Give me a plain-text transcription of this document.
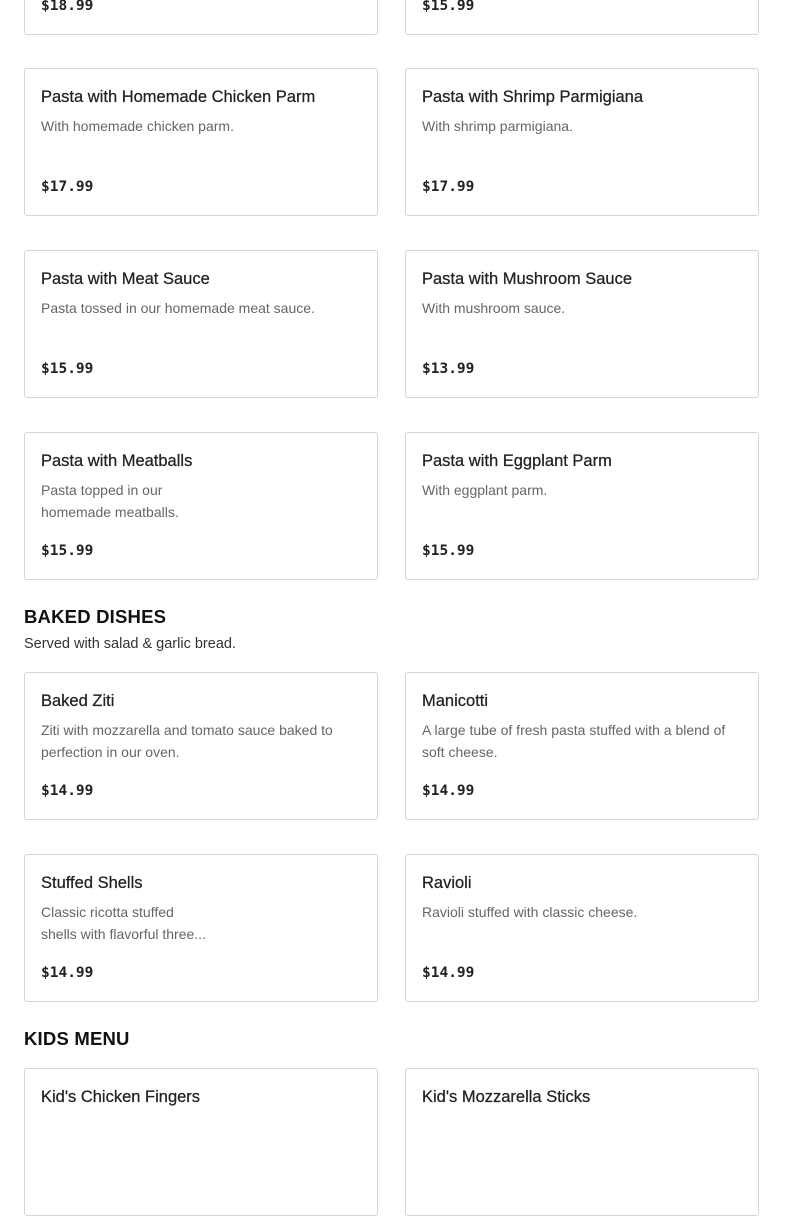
$18.99	$15.99
Pasta with Homemade Chicken Parm
With homemade chicken parm.
$17.99
Pasta with Shrimp Parmigiana
With shrimp parmigiana.
$17.99
Pasta with Meat Sauce
Pasta tossed in our homemade meat sauce.
$15.99
Pasta with Mushroom Sauce
With mushroom sauce.
$13.99
Pasta with Meatballs
Pasta topped in our
homemade meatballs.
$15.99
Pasta with Eggplant Parm
With eggplant parm.
$15.99
BAKED DISHES

Served with salad & garlic bread.

Baked Ziti
Ziti with mozzarella and tomato sauce baked to
perfection in our oven.
$14.99
Manicotti
A large tube of fresh pasta stuffed with a blend of
soft cheese.
$14.99
Stuffed Shells
Classic ricotta stuffed
shells with flavorful three...
$14.99
Ravioli
Ravioli stuffed with classic cheese.
$14.99
KIDS MENU
Kid's Chicken Fingers	Kid's Mozzarella Sticks
